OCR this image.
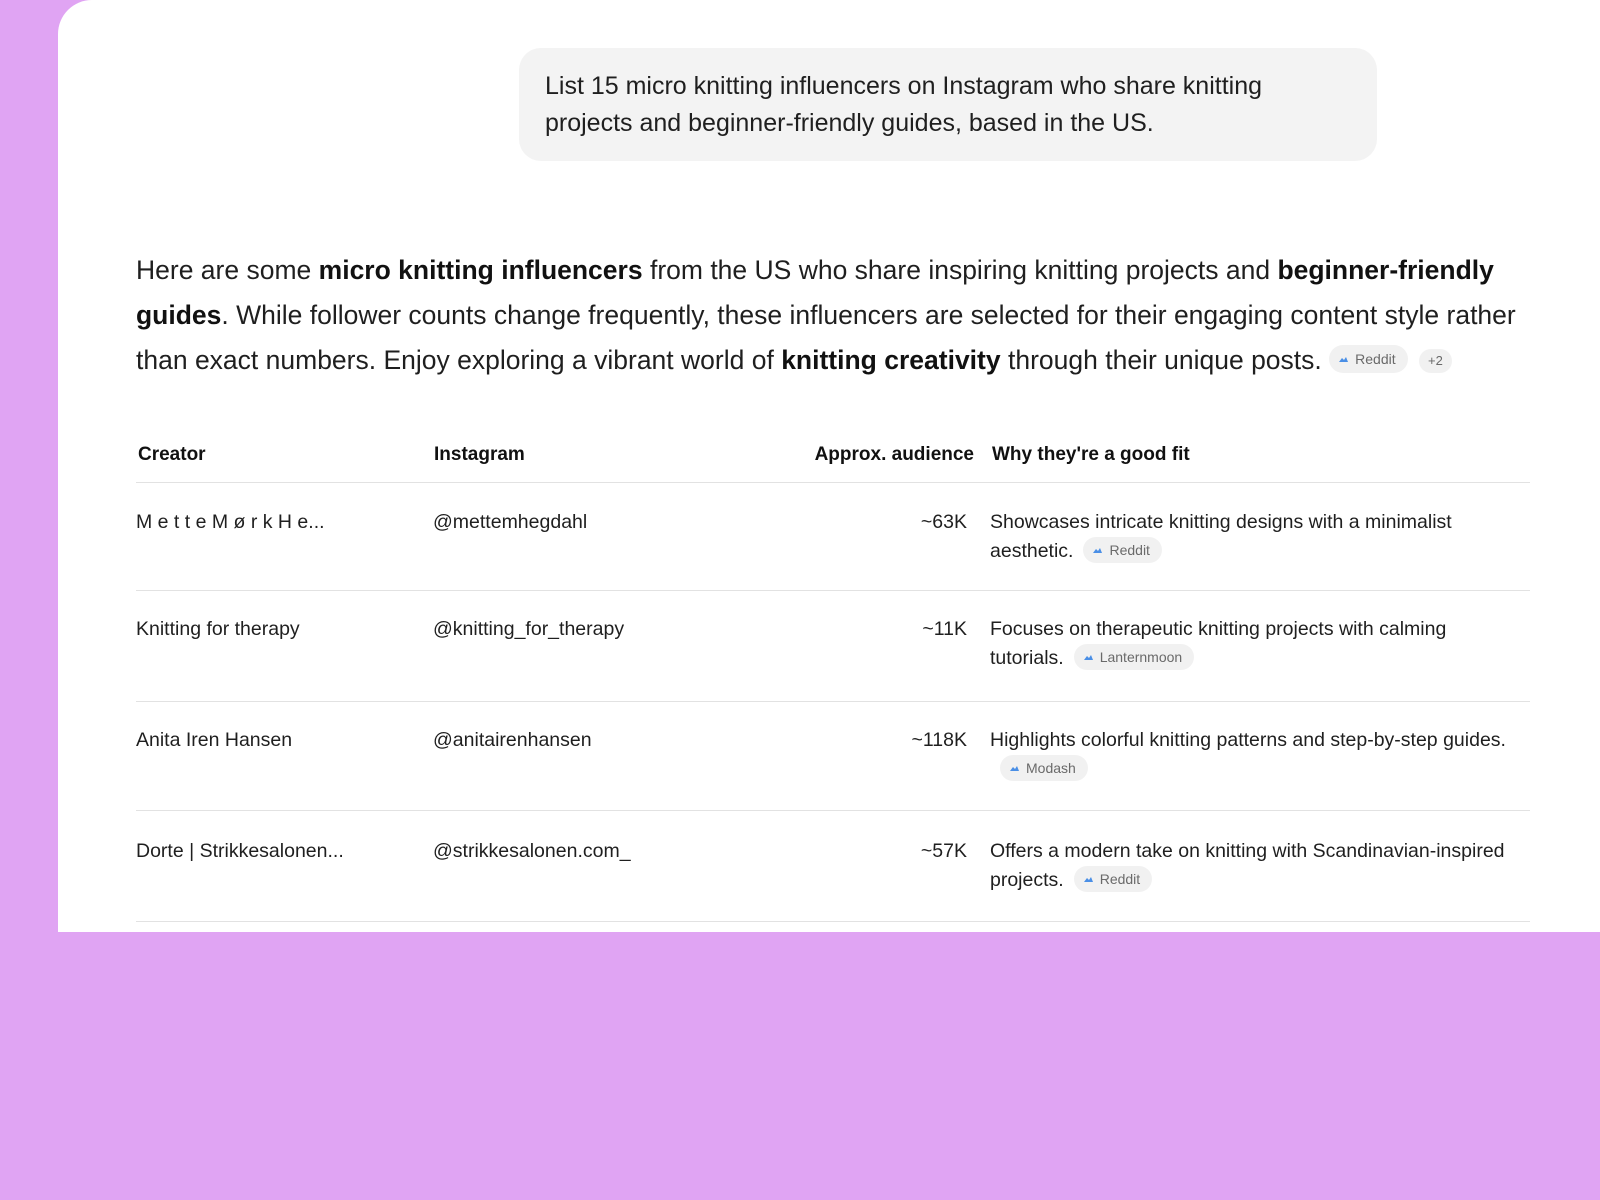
List 15 micro knitting influencers on Instagram who share knitting projects and beginner-friendly guides, based in the US.
Here are some micro knitting influencers from the US who share inspiring knitting projects and beginner-friendly guides. While follower counts change frequently, these influencers are selected for their engaging content style rather than exact numbers. Enjoy exploring a vibrant world of knitting creativity through their unique posts. Reddit +2
Creator	Instagram	Approx. audience Why they're a good fit
M e t t e M ø r k H e...	@mettemhegdahl	~63K Showcases intricate knitting designs with a minimalist aesthetic.	Reddit
Knitting for therapy	@knitting_for_therapy	~11K Focuses on therapeutic knitting projects with calming tutorials.	Lanternmoon
Anita Iren Hansen	@anitairenhansen	~118K Highlights colorful knitting patterns and step-by-step guides.Modash
Dorte | Strikkesalonen...	@strikkesalonen.com_	~57K Offers a modern take on knitting with Scandinavian-inspired projects.	Reddit
